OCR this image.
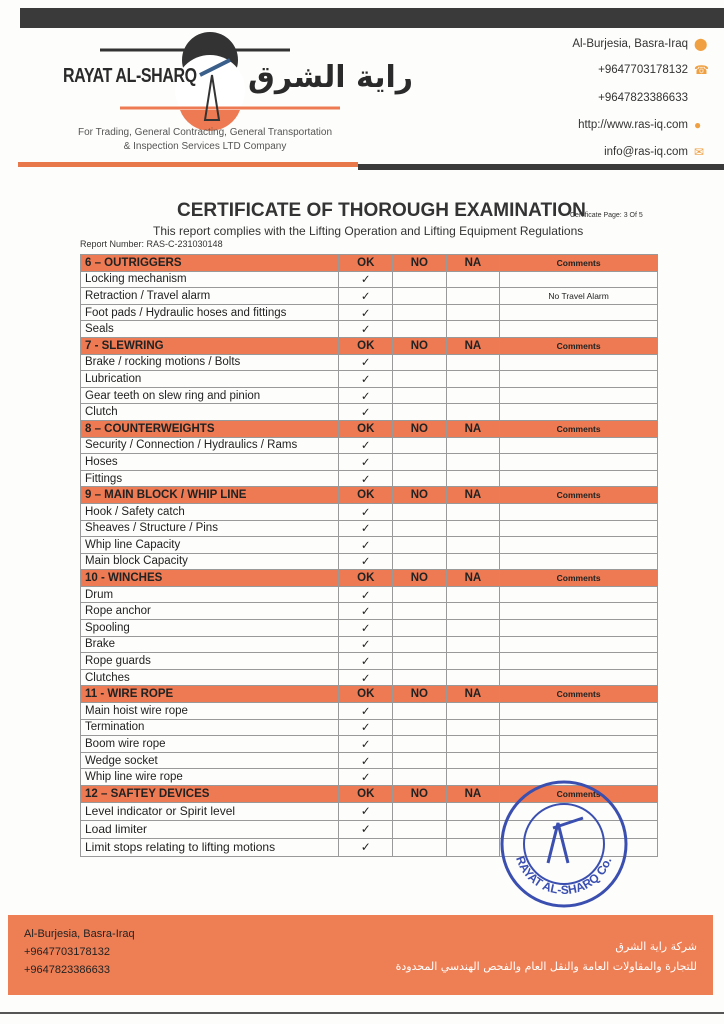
RAYAT AL-SHARQ راية الشرق
For Trading, General Contracting, General Transportation
& Inspection Services LTD Company
Al-Burjesia, Basra-Iraq ⬤
+9647703178132 ☎
+9647823386633
http://www.ras-iq.com ●
info@ras-iq.com ✉
CERTIFICATE OF THOROUGH EXAMINATION
Certificate Page: 3 Of 5
This report complies with the Lifting Operation and Lifting Equipment Regulations
Report Number: RAS-C-231030148
6 – OUTRIGGERS	OK	NO	NA	Comments
Locking mechanism	✓			
Retraction / Travel alarm	✓			No Travel Alarm
Foot pads / Hydraulic hoses and fittings	✓			
Seals	✓			
7 - SLEWRING	OK	NO	NA	Comments
Brake / rocking motions / Bolts	✓			
Lubrication	✓			
Gear teeth on slew ring and pinion	✓			
Clutch	✓			
8 – COUNTERWEIGHTS	OK	NO	NA	Comments
Security / Connection / Hydraulics / Rams	✓			
Hoses	✓			
Fittings	✓			
9 – MAIN BLOCK / WHIP LINE	OK	NO	NA	Comments
Hook / Safety catch	✓			
Sheaves / Structure / Pins	✓			
Whip line Capacity	✓			
Main block Capacity	✓			
10 - WINCHES	OK	NO	NA	Comments
Drum	✓			
Rope anchor	✓			
Spooling	✓			
Brake	✓			
Rope guards	✓			
Clutches	✓			
11 - WIRE ROPE	OK	NO	NA	Comments
Main hoist wire rope	✓			
Termination	✓			
Boom wire rope	✓			
Wedge socket	✓			
Whip line wire rope	✓			
12 – SAFTEY DEVICES	OK	NO	NA	Comments
Level indicator or Spirit level	✓			
Load limiter	✓			
Limit stops relating to lifting motions	✓			
RAYAT AL-SHARQ Co.
Al-Burjesia, Basra-Iraq
+9647703178132
+9647823386633
شركة راية الشرق
للتجارة والمقاولات العامة والنقل العام والفحص الهندسي المحدودة
